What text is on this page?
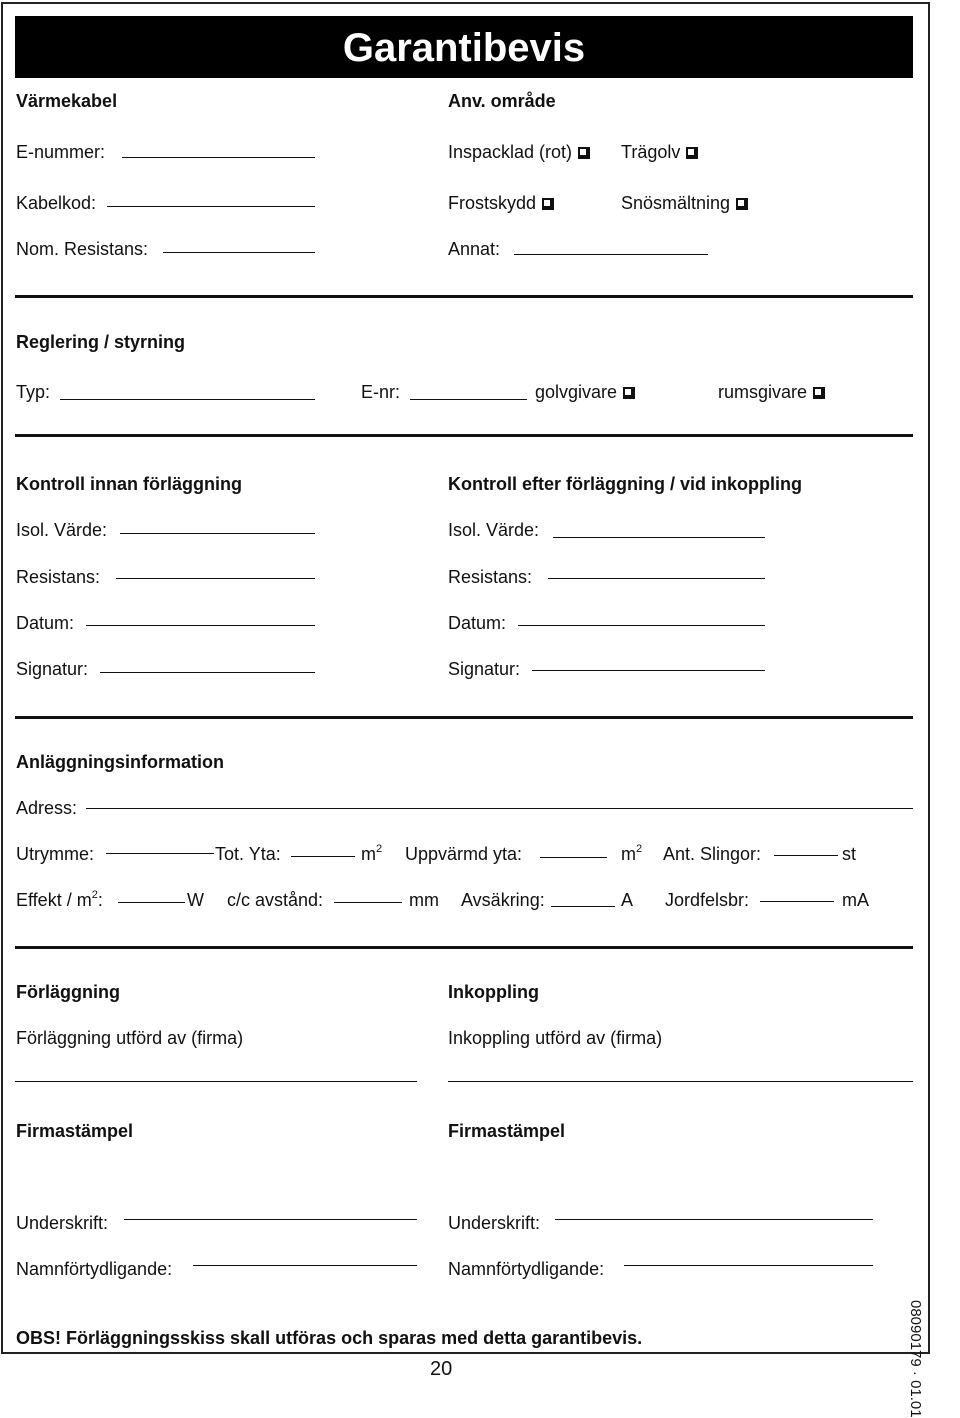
Garantibevis
Värmekabel
E-nummer:
Kabelkod:
Nom. Resistans:
Anv. område
Inspacklad (rot)	Trägolv
Frostskydd	Snösmältning
Annat:
Reglering / styrning
Typ:	E-nr:	golvgivare	rumsgivare
Kontroll innan förläggning
Isol. Värde:
Resistans:
Datum:
Signatur:
Kontroll efter förläggning / vid inkoppling
Isol. Värde:
Resistans:
Datum:
Signatur:
Anläggningsinformation
Adress:
Utrymme:	Tot. Yta:	$m^2$ Uppvärmd yta:	$m^2$ Ant. Slingor:	st
Effekt / $m^2$:	W c/c avstånd:	mm Avsäkring:	A Jordfelsbr:	mA
Förläggning
Förläggning utförd av (firma)
Firmastämpel
Underskrift:
Namnförtydligande:
Inkoppling
Inkoppling utförd av (firma)
Firmastämpel
Underskrift:
Namnförtydligande:
OBS! Förläggningsskiss skall utföras och sparas med detta garantibevis.
20	08090179 · 01.01
